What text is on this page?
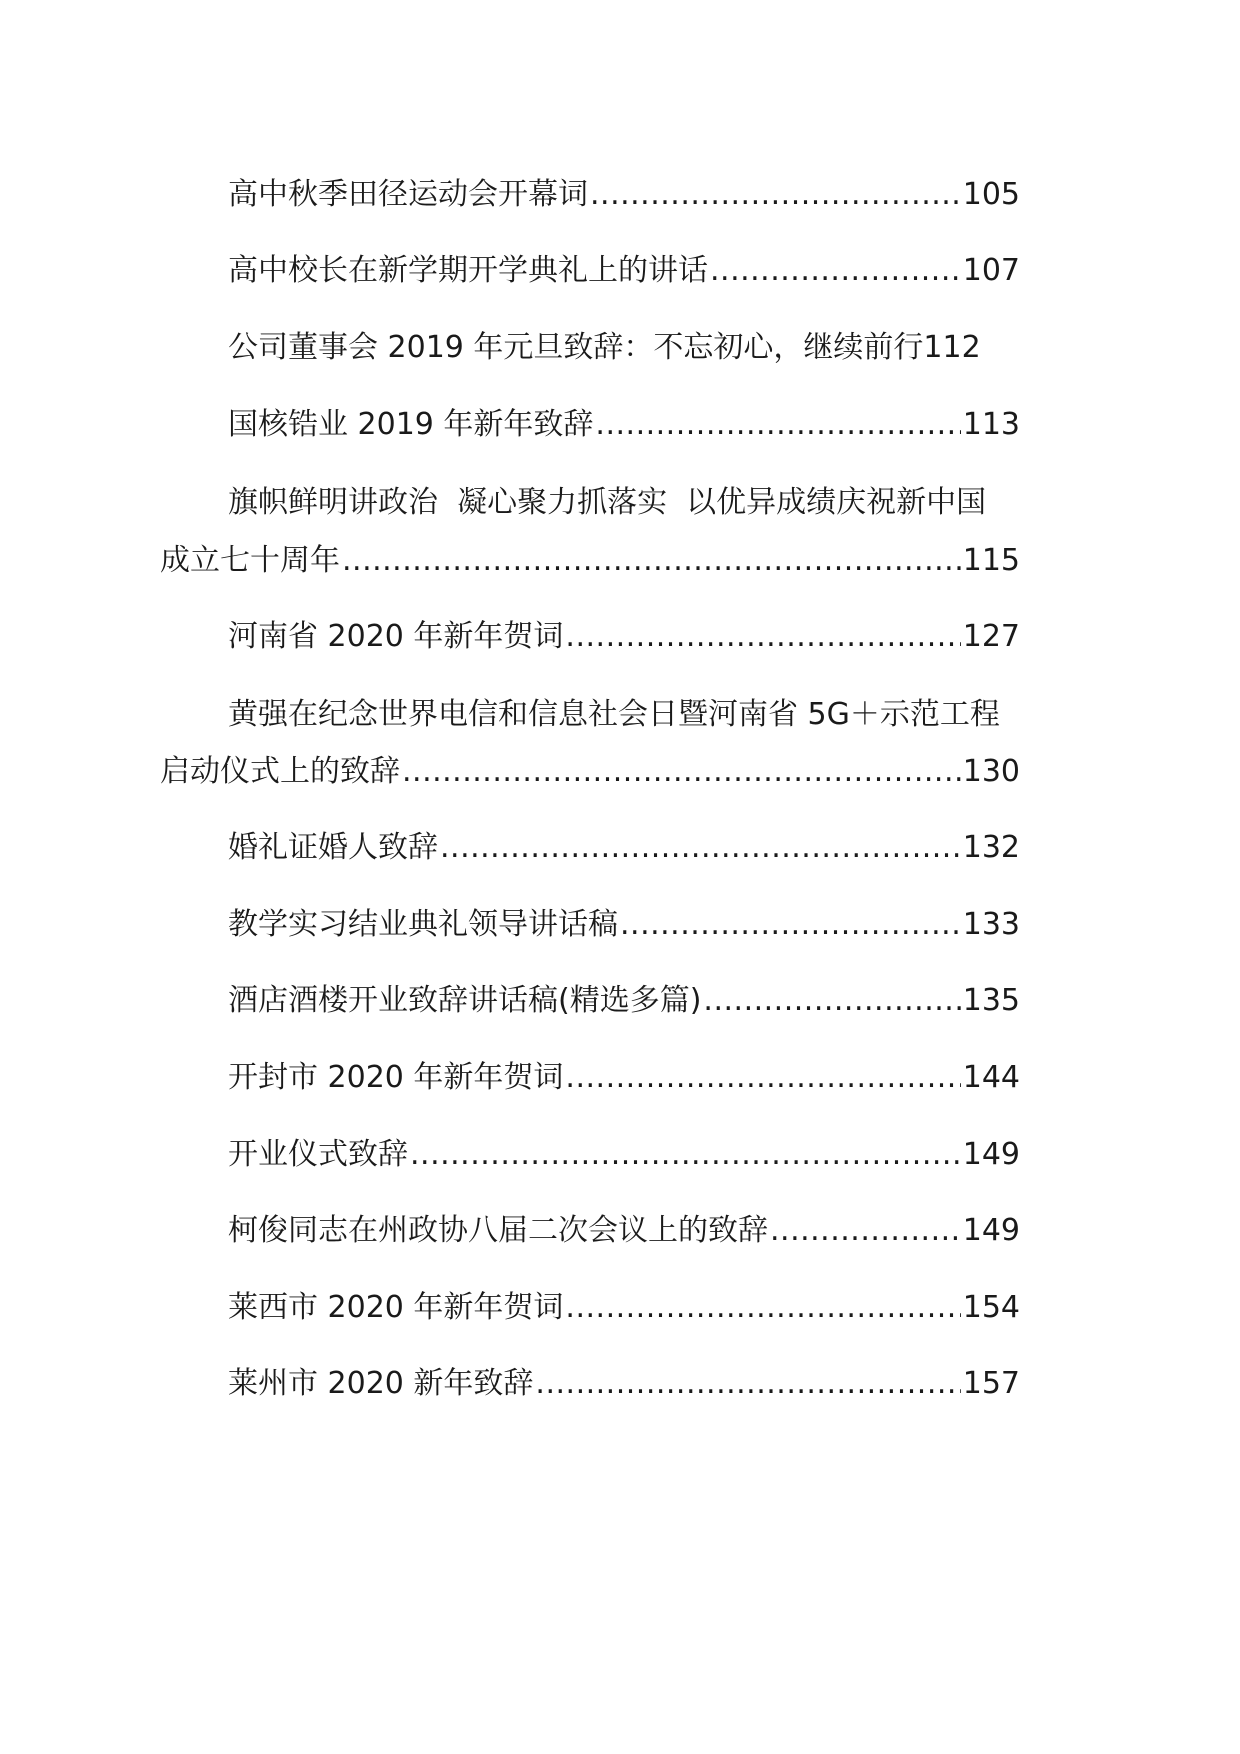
高中秋季田径运动会开幕词 .....	105
高中校长在新学期开学典礼上的讲话 .....	107
公司董事会 2019 年元旦致辞：不忘初心，继续前行 112
国核锆业 2019 年新年致辞 .....	113
旗帜鲜明讲政治  凝心聚力抓落实  以优异成绩庆祝新中国
成立七十周年 .....	115
河南省 2020 年新年贺词 .....	127
黄强在纪念世界电信和信息社会日暨河南省 5G＋示范工程
启动仪式上的致辞 .....	130
婚礼证婚人致辞 .....	132
教学实习结业典礼领导讲话稿 .....	133
酒店酒楼开业致辞讲话稿(精选多篇) .....	135
开封市 2020 年新年贺词 .....	144
开业仪式致辞 .....	149
柯俊同志在州政协八届二次会议上的致辞 .....	149
莱西市 2020 年新年贺词 .....	154
莱州市 2020 新年致辞 .....	157
